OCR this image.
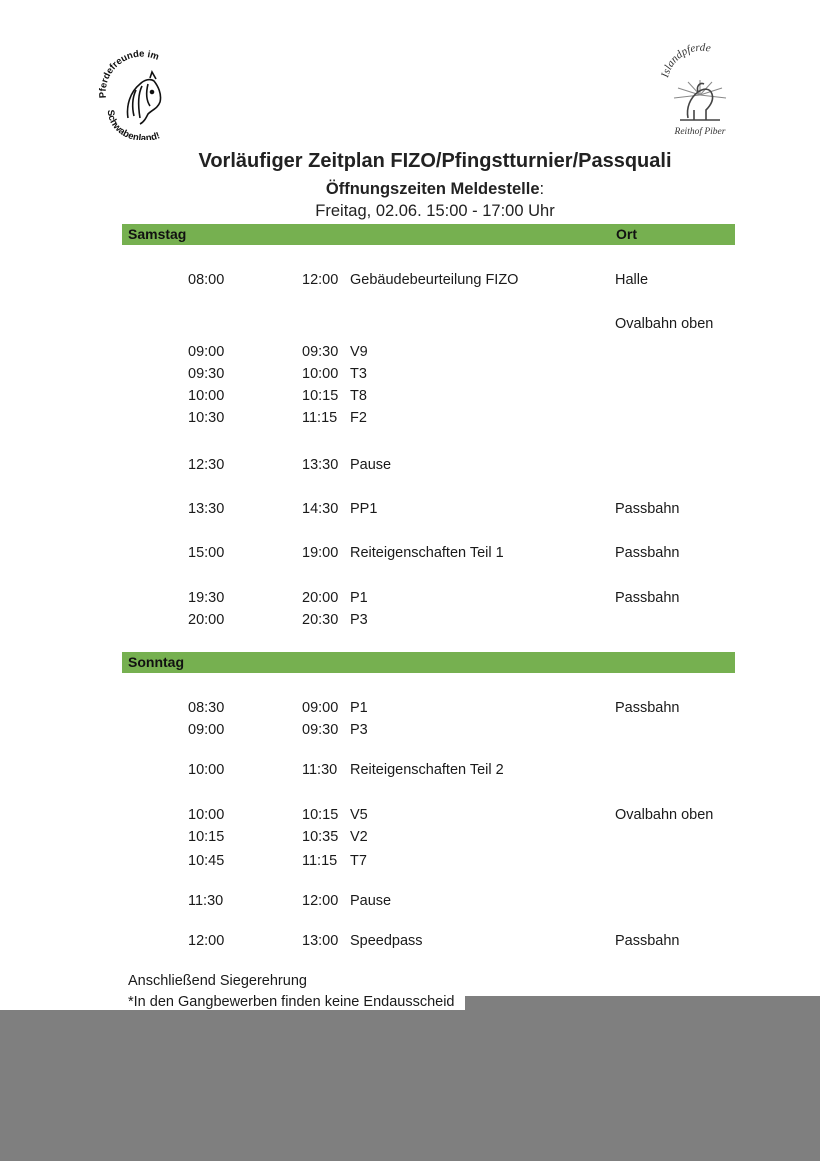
Pferdefreunde im
Schwabenland!
Islandpferde
Reithof Piber
Vorläufiger Zeitplan FIZO/Pfingstturnier/Passquali
Öffnungszeiten Meldestelle:
Freitag, 02.06. 15:00 - 17:00 Uhr
Samstag	Ort
08:00	12:00 Gebäudebeurteilung FIZO	Halle
Ovalbahn oben
09:00	09:30 V9
09:30	10:00 T3
10:00	10:15 T8
10:30	11:15 F2
12:30	13:30 Pause
13:30	14:30 PP1	Passbahn
15:00	19:00 Reiteigenschaften Teil 1	Passbahn
19:30	20:00 P1	Passbahn
20:00	20:30 P3
Sonntag
08:30	09:00 P1	Passbahn
09:00	09:30 P3
10:00	11:30 Reiteigenschaften Teil 2
10:00	10:15 V5	Ovalbahn oben
10:15	10:35 V2
10:45	11:15 T7
11:30	12:00 Pause
12:00	13:00 Speedpass	Passbahn
Anschließend Siegerehrung
*In den Gangbewerben finden keine Endausscheid
